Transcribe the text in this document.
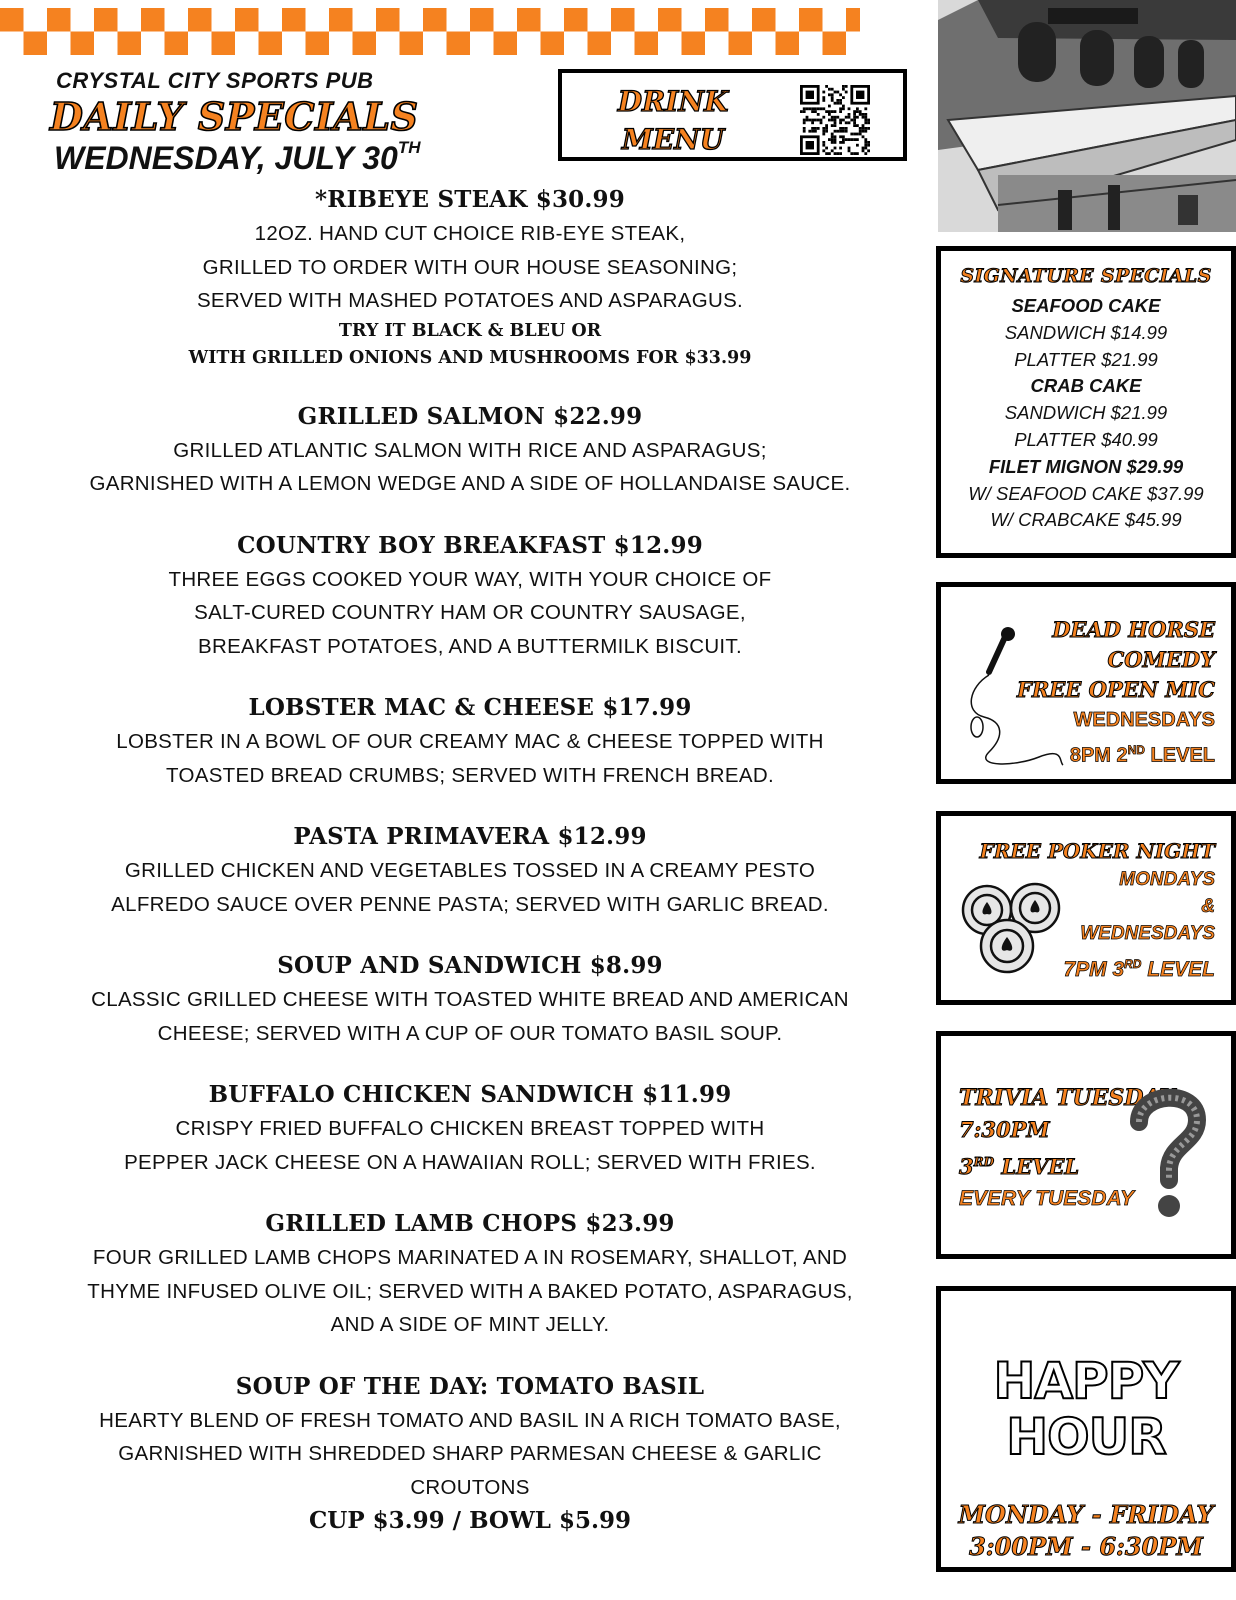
CRYSTAL CITY SPORTS PUB
DAILY SPECIALS
WEDNESDAY, JULY 30TH
DRINK
MENU
*RIBEYE STEAK $30.99
12OZ. HAND CUT CHOICE RIB-EYE STEAK,
GRILLED TO ORDER WITH OUR HOUSE SEASONING;
SERVED WITH MASHED POTATOES AND ASPARAGUS.
TRY IT BLACK & BLEU OR
WITH GRILLED ONIONS AND MUSHROOMS FOR $33.99
GRILLED SALMON $22.99
GRILLED ATLANTIC SALMON WITH RICE AND ASPARAGUS;
GARNISHED WITH A LEMON WEDGE AND A SIDE OF HOLLANDAISE SAUCE.
COUNTRY BOY BREAKFAST $12.99
THREE EGGS COOKED YOUR WAY, WITH YOUR CHOICE OF
SALT-CURED COUNTRY HAM OR COUNTRY SAUSAGE,
BREAKFAST POTATOES, AND A BUTTERMILK BISCUIT.
LOBSTER MAC & CHEESE $17.99
LOBSTER IN A BOWL OF OUR CREAMY MAC & CHEESE TOPPED WITH
TOASTED BREAD CRUMBS; SERVED WITH FRENCH BREAD.
PASTA PRIMAVERA $12.99
GRILLED CHICKEN AND VEGETABLES TOSSED IN A CREAMY PESTO
ALFREDO SAUCE OVER PENNE PASTA; SERVED WITH GARLIC BREAD.
SOUP AND SANDWICH $8.99
CLASSIC GRILLED CHEESE WITH TOASTED WHITE BREAD AND AMERICAN
CHEESE; SERVED WITH A CUP OF OUR TOMATO BASIL SOUP.
BUFFALO CHICKEN SANDWICH $11.99
CRISPY FRIED BUFFALO CHICKEN BREAST TOPPED WITH
PEPPER JACK CHEESE ON A HAWAIIAN ROLL; SERVED WITH FRIES.
GRILLED LAMB CHOPS $23.99
FOUR GRILLED LAMB CHOPS MARINATED A IN ROSEMARY, SHALLOT, AND
THYME INFUSED OLIVE OIL; SERVED WITH A BAKED POTATO, ASPARAGUS,
AND A SIDE OF MINT JELLY.
SOUP OF THE DAY: TOMATO BASIL
HEARTY BLEND OF FRESH TOMATO AND BASIL IN A RICH TOMATO BASE,
GARNISHED WITH SHREDDED SHARP PARMESAN CHEESE & GARLIC
CROUTONS
CUP $3.99 / BOWL $5.99
SIGNATURE SPECIALS
SEAFOOD CAKE
SANDWICH $14.99
PLATTER $21.99
CRAB CAKE
SANDWICH $21.99
PLATTER $40.99
FILET MIGNON $29.99
W/ SEAFOOD CAKE $37.99
W/ CRABCAKE $45.99
DEAD HORSE
COMEDY
FREE OPEN MIC
WEDNESDAYS
8PM 2ND LEVEL
FREE POKER NIGHT
MONDAYS
&
WEDNESDAYS
7PM 3RD LEVEL
TRIVIA TUESDAY
7:30PM
3RD LEVEL
EVERY TUESDAY
HAPPY
HOUR
MONDAY - FRIDAY
3:00PM - 6:30PM
